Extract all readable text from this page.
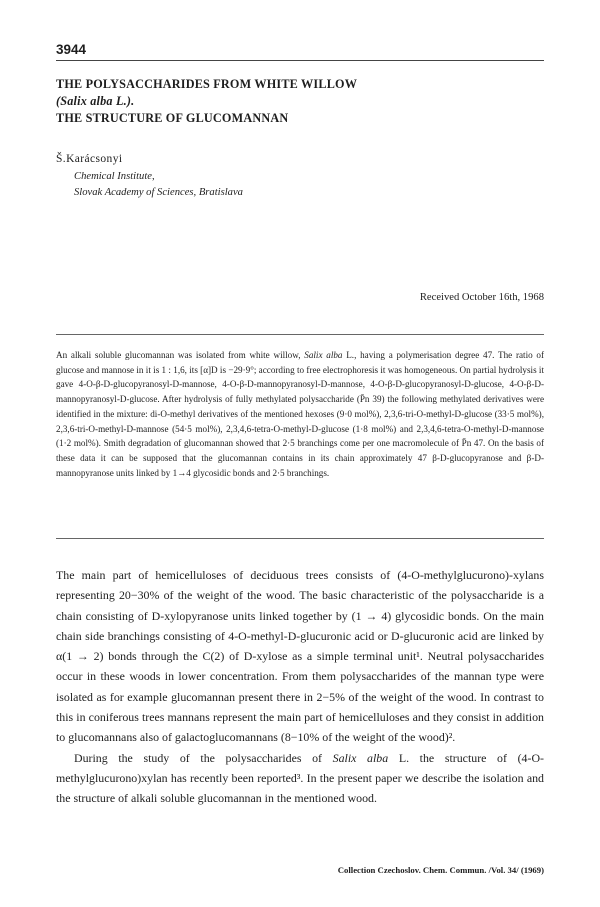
3944
THE POLYSACCHARIDES FROM WHITE WILLOW
(Salix alba L.).
THE STRUCTURE OF GLUCOMANNAN
Š.Karácsonyi
Chemical Institute,
Slovak Academy of Sciences, Bratislava
Received October 16th, 1968

An alkali soluble glucomannan was isolated from white willow, Salix alba L., having a polymerisation degree 47. The ratio of glucose and mannose in it is 1 : 1,6, its [α]D is −29·9°; according to free electrophoresis it was homogeneous. On partial hydrolysis it gave 4-O-β-D-glucopyranosyl-D-mannose, 4-O-β-D-mannopyranosyl-D-mannose, 4-O-β-D-glucopyranosyl-D-glucose, 4-O-β-D-mannopyranosyl-D-glucose. After hydrolysis of fully methylated polysaccharide (P̄n 39) the following methylated derivatives were identified in the mixture: di-O-methyl derivatives of the mentioned hexoses (9·0 mol%), 2,3,6-tri-O-methyl-D-glucose (33·5 mol%), 2,3,6-tri-O-methyl-D-mannose (54·5 mol%), 2,3,4,6-tetra-O-methyl-D-glucose (1·8 mol%) and 2,3,4,6-tetra-O-methyl-D-mannose (1·2 mol%). Smith degradation of glucomannan showed that 2·5 branchings come per one macromolecule of P̄n 47. On the basis of these data it can be supposed that the glucomannan contains in its chain approximately 47 β-D-glucopyranose and β-D-mannopyranose units linked by 1→4 glycosidic bonds and 2·5 branchings.

The main part of hemicelluloses of deciduous trees consists of (4-O-methylglucurono)-xylans representing 20−30% of the weight of the wood. The basic characteristic of the polysaccharide is a chain consisting of D-xylopyranose units linked together by (1 → 4) glycosidic bonds. On the main chain side branchings consisting of 4-O-methyl-D-glucuronic acid or D-glucuronic acid are linked by α(1 → 2) bonds through the C(2) of D-xylose as a simple terminal unit¹. Neutral polysaccharides occur in these woods in lower concentration. From them polysaccharides of the mannan type were isolated as for example glucomannan present there in 2−5% of the weight of the wood. In contrast to this in coniferous trees mannans represent the main part of hemicelluloses and they consist in addition to glucomannans also of galactoglucomannans (8−10% of the weight of the wood)².

During the study of the polysaccharides of Salix alba L. the structure of (4-O-methylglucurono)xylan has recently been reported³. In the present paper we describe the isolation and the structure of alkali soluble glucomannan in the mentioned wood.

Collection Czechoslov. Chem. Commun. /Vol. 34/ (1969)
